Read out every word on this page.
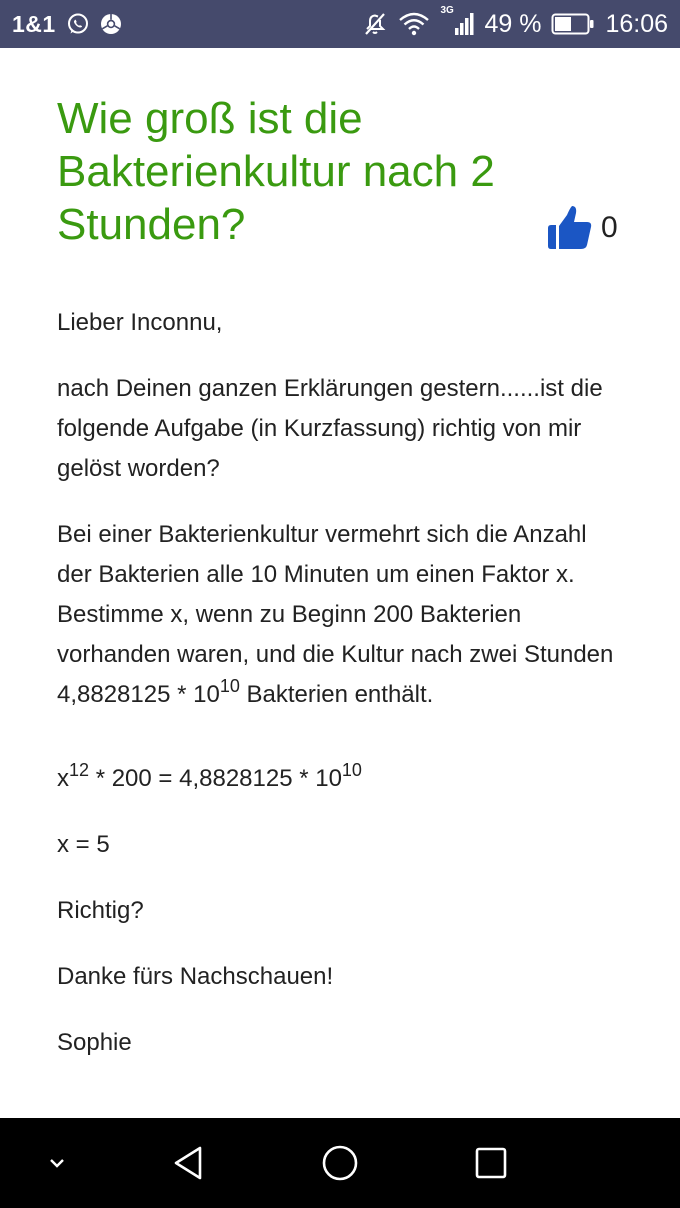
1&1	3G 49 %	16:06
Wie groß ist die Bakterienkultur nach 2 Stunden?	0

Lieber Inconnu,

nach Deinen ganzen Erklärungen gestern......ist die folgende Aufgabe (in Kurzfassung) richtig von mir gelöst worden?

Bei einer Bakterienkultur vermehrt sich die Anzahl der Bakterien alle 10 Minuten um einen Faktor x. Bestimme x, wenn zu Beginn 200 Bakterien vorhanden waren, und die Kultur nach zwei Stunden $4,8828125 * 10^{10}$ Bakterien enthält.

$x^{12} * 200 = 4,8828125 * 10^{10}$

x = 5

Richtig?

Danke fürs Nachschauen!

Sophie
